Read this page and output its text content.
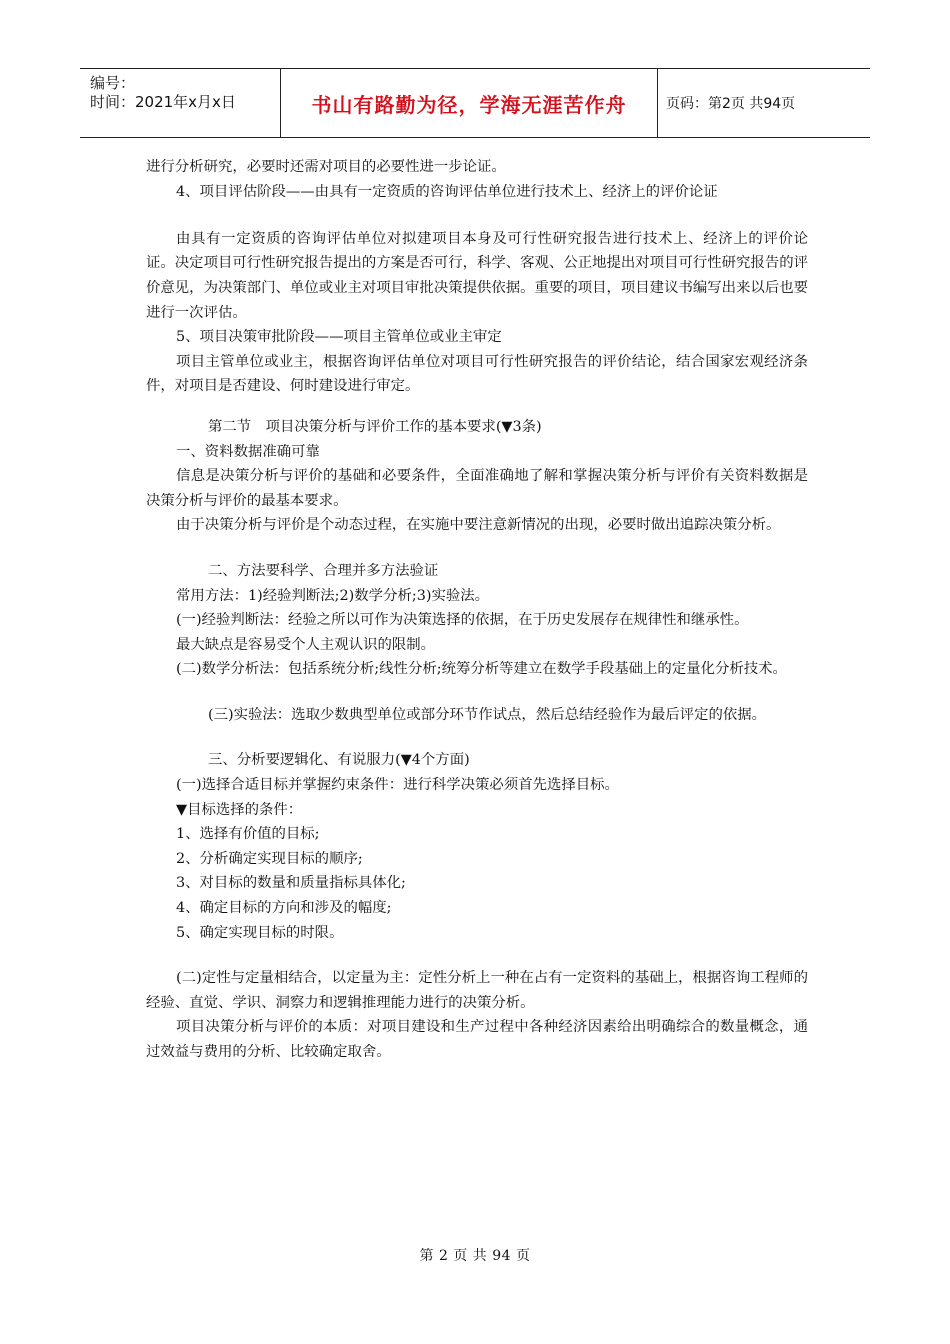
编号：
时间：2021年x月x日	书山有路勤为径，学海无涯苦作舟	页码：第2页 共94页

进行分析研究，必要时还需对项目的必要性进一步论证。

4、项目评估阶段——由具有一定资质的咨询评估单位进行技术上、经济上的评价论证

由具有一定资质的咨询评估单位对拟建项目本身及可行性研究报告进行技术上、经济上的评价论证。决定项目可行性研究报告提出的方案是否可行，科学、客观、公正地提出对项目可行性研究报告的评价意见，为决策部门、单位或业主对项目审批决策提供依据。重要的项目，项目建议书编写出来以后也要进行一次评估。

5、项目决策审批阶段——项目主管单位或业主审定

项目主管单位或业主，根据咨询评估单位对项目可行性研究报告的评价结论，结合国家宏观经济条件，对项目是否建设、何时建设进行审定。

第二节　项目决策分析与评价工作的基本要求(▼3条)

一、资料数据准确可靠

信息是决策分析与评价的基础和必要条件，全面准确地了解和掌握决策分析与评价有关资料数据是决策分析与评价的最基本要求。

由于决策分析与评价是个动态过程，在实施中要注意新情况的出现，必要时做出追踪决策分析。

二、方法要科学、合理并多方法验证

常用方法：1)经验判断法;2)数学分析;3)实验法。

(一)经验判断法：经验之所以可作为决策选择的依据，在于历史发展存在规律性和继承性。

最大缺点是容易受个人主观认识的限制。

(二)数学分析法：包括系统分析;线性分析;统筹分析等建立在数学手段基础上的定量化分析技术。

(三)实验法：选取少数典型单位或部分环节作试点，然后总结经验作为最后评定的依据。

三、分析要逻辑化、有说服力(▼4个方面)

(一)选择合适目标并掌握约束条件：进行科学决策必须首先选择目标。

▼目标选择的条件：

1、选择有价值的目标;

2、分析确定实现目标的顺序;

3、对目标的数量和质量指标具体化;

4、确定目标的方向和涉及的幅度;

5、确定实现目标的时限。

(二)定性与定量相结合，以定量为主：定性分析上一种在占有一定资料的基础上，根据咨询工程师的经验、直觉、学识、洞察力和逻辑推理能力进行的决策分析。

项目决策分析与评价的本质：对项目建设和生产过程中各种经济因素给出明确综合的数量概念，通过效益与费用的分析、比较确定取舍。

第 2 页 共 94 页
